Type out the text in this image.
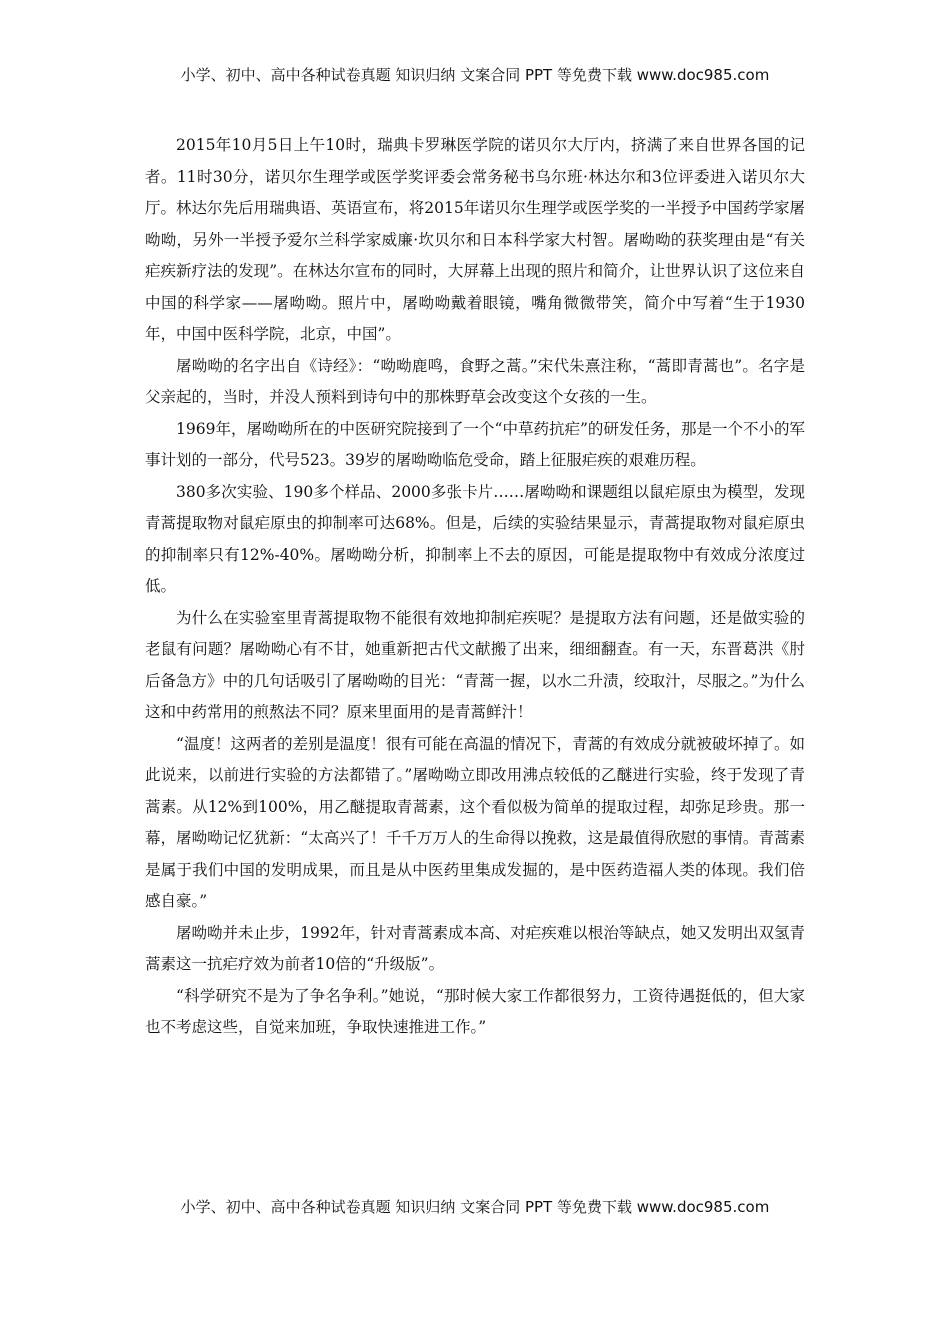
小学、初中、高中各种试卷真题 知识归纳 文案合同 PPT 等免费下载 www.doc985.com

2015年10月5日上午10时，瑞典卡罗琳医学院的诺贝尔大厅内，挤满了来自世界各国的记者。11时30分，诺贝尔生理学或医学奖评委会常务秘书乌尔班·林达尔和3位评委进入诺贝尔大厅。林达尔先后用瑞典语、英语宣布，将2015年诺贝尔生理学或医学奖的一半授予中国药学家屠呦呦，另外一半授予爱尔兰科学家威廉·坎贝尔和日本科学家大村智。屠呦呦的获奖理由是“有关疟疾新疗法的发现”。在林达尔宣布的同时，大屏幕上出现的照片和简介，让世界认识了这位来自中国的科学家——屠呦呦。照片中，屠呦呦戴着眼镜，嘴角微微带笑，简介中写着“生于1930年，中国中医科学院，北京，中国”。

屠呦呦的名字出自《诗经》：“呦呦鹿鸣，食野之蒿。”宋代朱熹注称，“蒿即青蒿也”。名字是父亲起的，当时，并没人预料到诗句中的那株野草会改变这个女孩的一生。

1969年，屠呦呦所在的中医研究院接到了一个“中草药抗疟”的研发任务，那是一个不小的军事计划的一部分，代号523。39岁的屠呦呦临危受命，踏上征服疟疾的艰难历程。

380多次实验、190多个样品、2000多张卡片……屠呦呦和课题组以鼠疟原虫为模型，发现青蒿提取物对鼠疟原虫的抑制率可达68%。但是，后续的实验结果显示，青蒿提取物对鼠疟原虫的抑制率只有12%-40%。屠呦呦分析，抑制率上不去的原因，可能是提取物中有效成分浓度过低。

为什么在实验室里青蒿提取物不能很有效地抑制疟疾呢？是提取方法有问题，还是做实验的老鼠有问题？屠呦呦心有不甘，她重新把古代文献搬了出来，细细翻查。有一天，东晋葛洪《肘后备急方》中的几句话吸引了屠呦呦的目光：“青蒿一握，以水二升渍，绞取汁，尽服之。”为什么这和中药常用的煎熬法不同？原来里面用的是青蒿鲜汁！

“温度！这两者的差别是温度！很有可能在高温的情况下，青蒿的有效成分就被破坏掉了。如此说来，以前进行实验的方法都错了。”屠呦呦立即改用沸点较低的乙醚进行实验，终于发现了青蒿素。从12%到100%，用乙醚提取青蒿素，这个看似极为简单的提取过程，却弥足珍贵。那一幕，屠呦呦记忆犹新：“太高兴了！千千万万人的生命得以挽救，这是最值得欣慰的事情。青蒿素是属于我们中国的发明成果，而且是从中医药里集成发掘的，是中医药造福人类的体现。我们倍感自豪。”

屠呦呦并未止步，1992年，针对青蒿素成本高、对疟疾难以根治等缺点，她又发明出双氢青蒿素这一抗疟疗效为前者10倍的“升级版”。

“科学研究不是为了争名争利。”她说，“那时候大家工作都很努力，工资待遇挺低的，但大家也不考虑这些，自觉来加班，争取快速推进工作。”

小学、初中、高中各种试卷真题 知识归纳 文案合同 PPT 等免费下载 www.doc985.com
